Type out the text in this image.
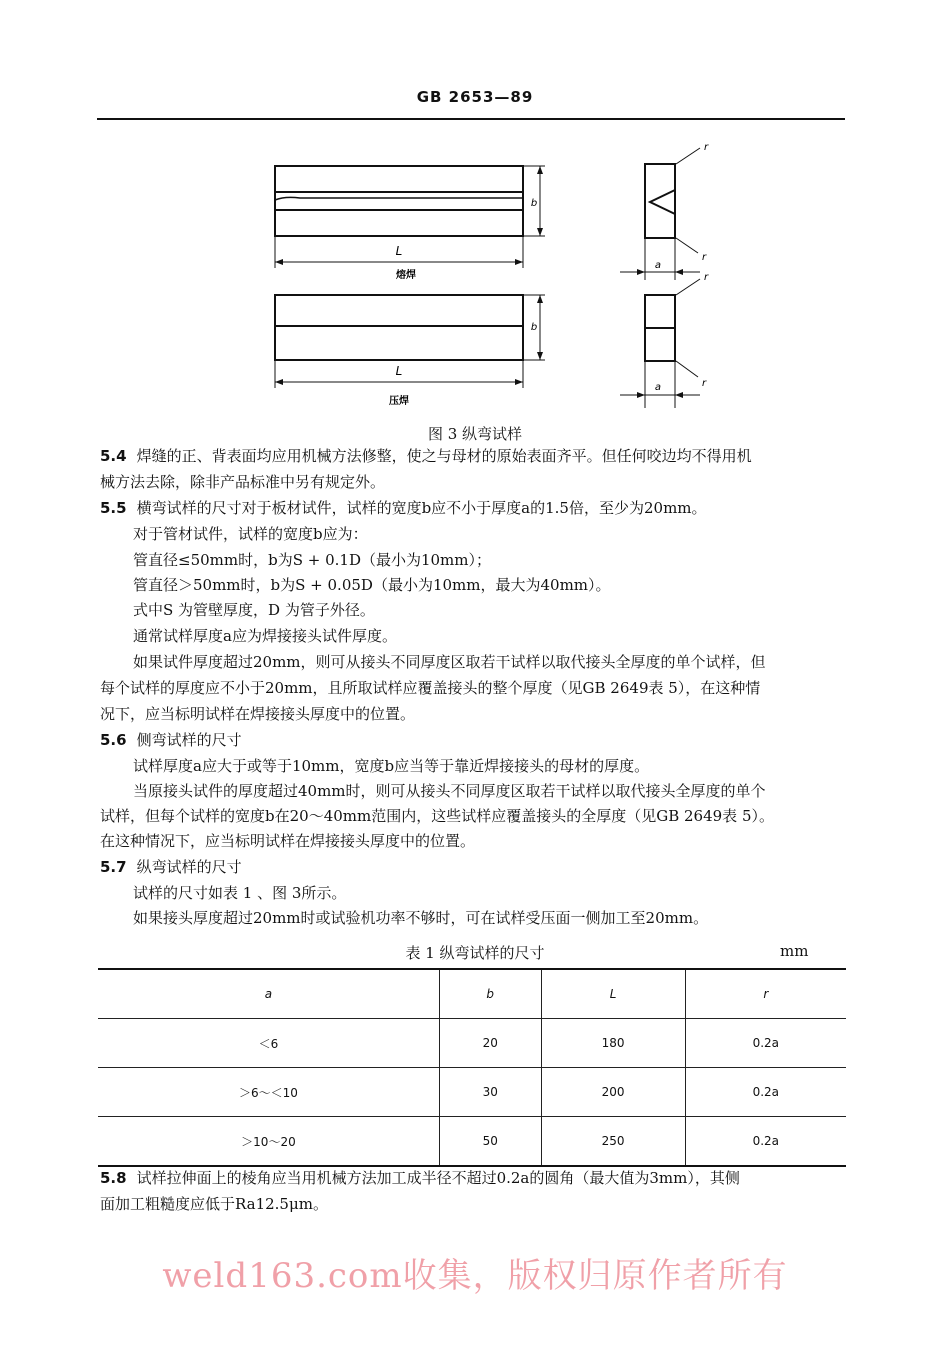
GB 2653—89
L
b
熔焊
L
b
压焊
a
a
r
r
r
r
图 3 纵弯试样
5.4 焊缝的正、背表面均应用机械方法修整，使之与母材的原始表面齐平。但任何咬边均不得用机
械方法去除，除非产品标准中另有规定外。
5.5 横弯试样的尺寸对于板材试件，试样的宽度b应不小于厚度a的1.5倍，至少为20mm。
对于管材试件，试样的宽度b应为：
管直径≤50mm时，b为S + 0.1D（最小为10mm）；
管直径＞50mm时，b为S + 0.05D（最小为10mm，最大为40mm）。
式中S 为管壁厚度，D 为管子外径。
通常试样厚度a应为焊接接头试件厚度。
如果试件厚度超过20mm，则可从接头不同厚度区取若干试样以取代接头全厚度的单个试样，但
每个试样的厚度应不小于20mm，且所取试样应覆盖接头的整个厚度（见GB 2649表 5），在这种情
况下，应当标明试样在焊接接头厚度中的位置。
5.6 侧弯试样的尺寸
试样厚度a应大于或等于10mm，宽度b应当等于靠近焊接接头的母材的厚度。
当原接头试件的厚度超过40mm时，则可从接头不同厚度区取若干试样以取代接头全厚度的单个
试样，但每个试样的宽度b在20～40mm范围内，这些试样应覆盖接头的全厚度（见GB 2649表 5）。
在这种情况下，应当标明试样在焊接接头厚度中的位置。
5.7 纵弯试样的尺寸
试样的尺寸如表 1 、图 3所示。
如果接头厚度超过20mm时或试验机功率不够时，可在试样受压面一侧加工至20mm。
表 1 纵弯试样的尺寸	mm
a	b	L	r
＜6	20	180	0.2a
＞6～＜10	30	200	0.2a
＞10～20	50	250	0.2a
5.8 试样拉伸面上的棱角应当用机械方法加工成半径不超过0.2a的圆角（最大值为3mm），其侧
面加工粗糙度应低于Ra12.5μm。
weld163.com收集，版权归原作者所有
